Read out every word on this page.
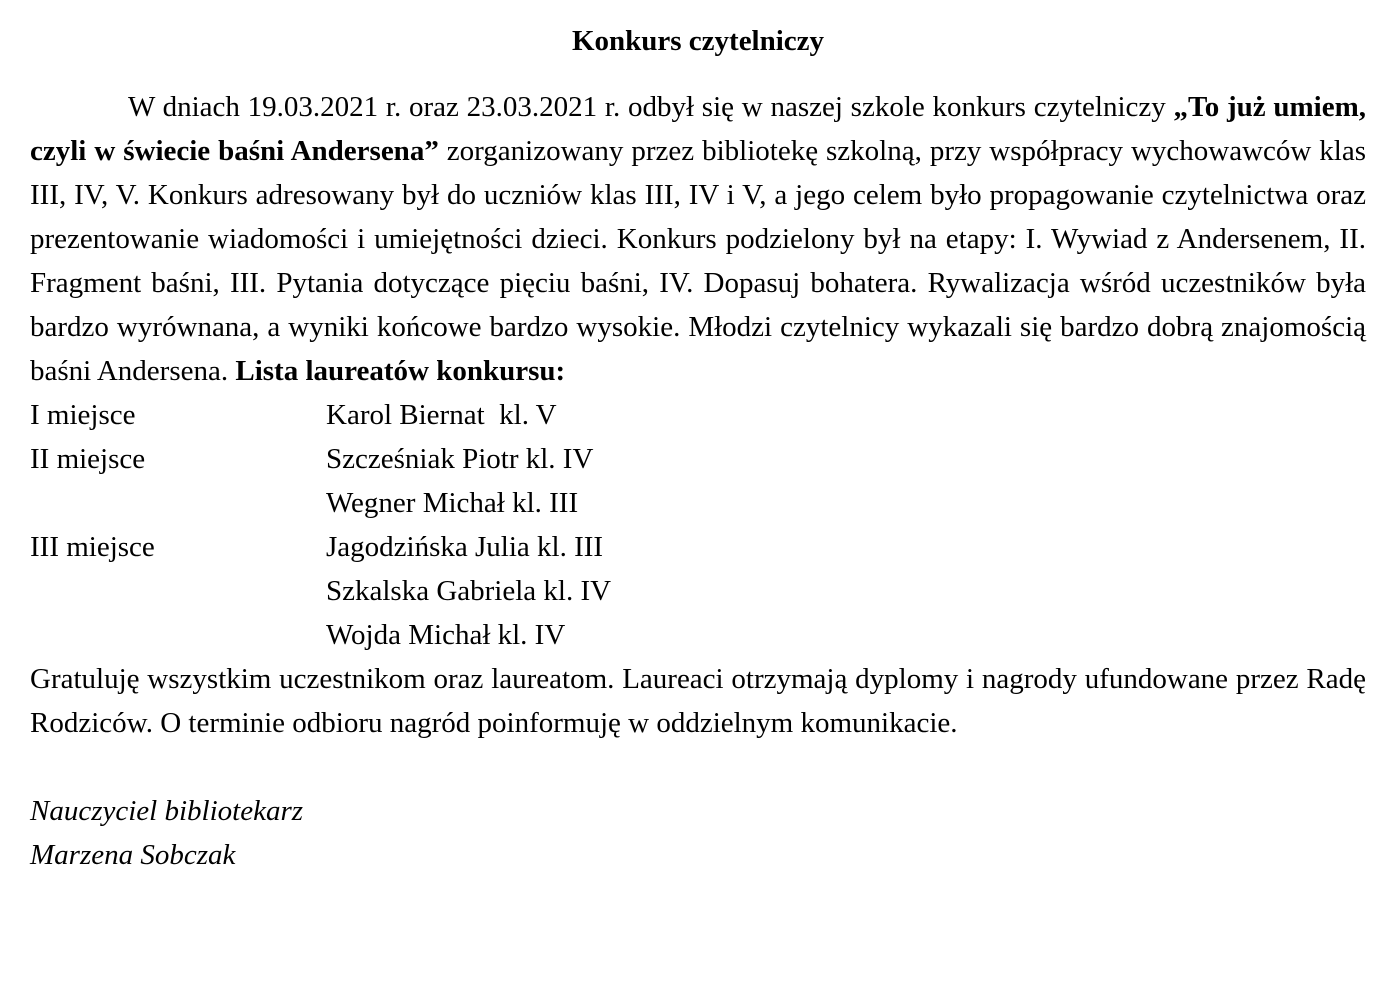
Konkurs czytelniczy

W dniach 19.03.2021 r. oraz 23.03.2021 r. odbył się w naszej szkole konkurs czytelniczy „To już umiem, czyli w świecie baśni Andersena” zorganizowany przez bibliotekę szkolną, przy współpracy wychowawców klas III, IV, V. Konkurs adresowany był do uczniów klas III, IV i V, a jego celem było propagowanie czytelnictwa oraz prezentowanie wiadomości i umiejętności dzieci. Konkurs podzielony był na etapy: I. Wywiad z Andersenem, II. Fragment baśni, III. Pytania dotyczące pięciu baśni, IV. Dopasuj bohatera. Rywalizacja wśród uczestników była bardzo wyrównana, a wyniki końcowe bardzo wysokie. Młodzi czytelnicy wykazali się bardzo dobrą znajomością baśni Andersena. Lista laureatów konkursu:

I miejsce	Karol Biernat  kl. V
II miejsce	Szcześniak Piotr kl. IV
Wegner Michał kl. III
III miejsce	Jagodzińska Julia kl. III
Szkalska Gabriela kl. IV
Wojda Michał kl. IV

Gratuluję wszystkim uczestnikom oraz laureatom. Laureaci otrzymają dyplomy i nagrody ufundowane przez Radę Rodziców. O terminie odbioru nagród poinformuję w oddzielnym komunikacie.

Nauczyciel bibliotekarz
Marzena Sobczak
